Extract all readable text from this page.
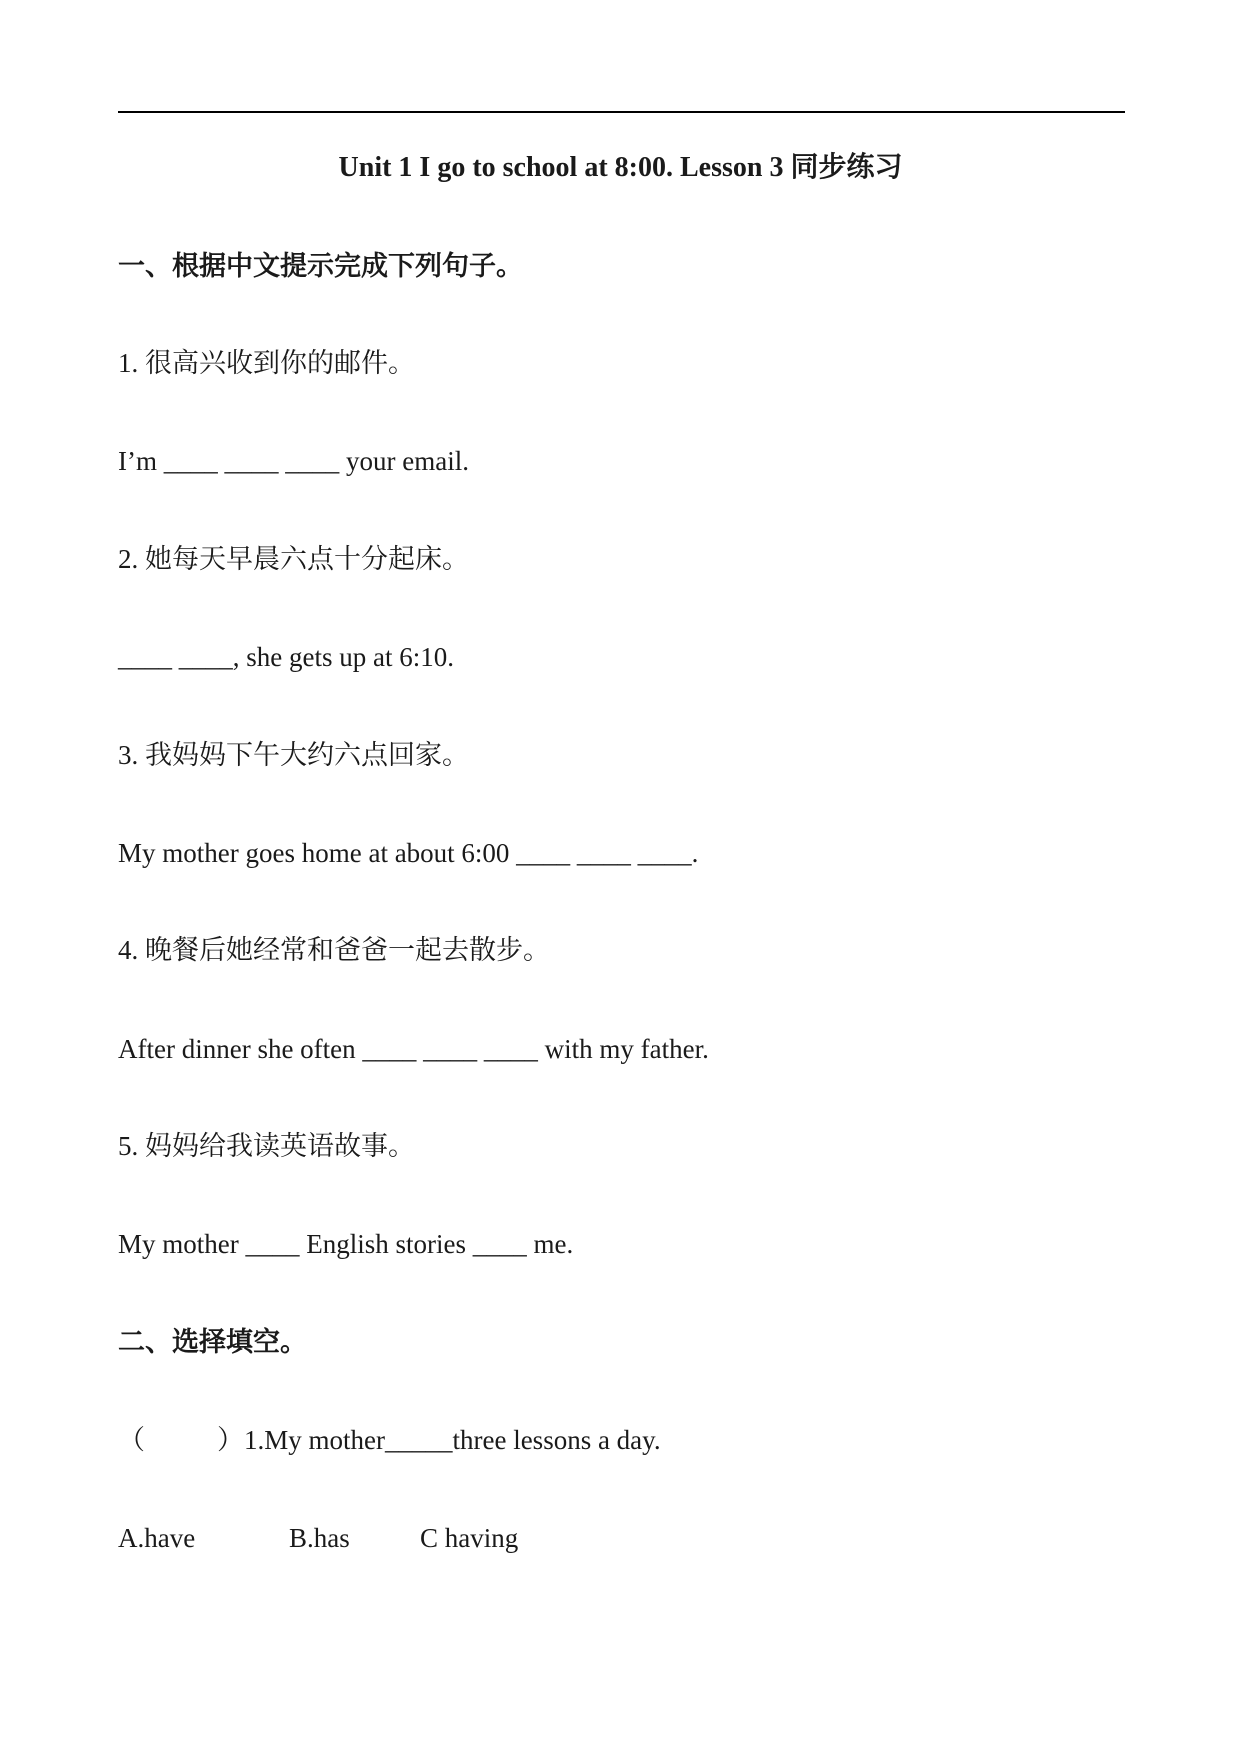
Unit 1 I go to school at 8:00. Lesson 3 同步练习
一、根据中文提示完成下列句子。
1. 很高兴收到你的邮件。
I’m ____ ____ ____ your email.
2. 她每天早晨六点十分起床。
____ ____, she gets up at 6:10.
3. 我妈妈下午大约六点回家。
My mother goes home at about 6:00 ____ ____ ____.
4. 晚餐后她经常和爸爸一起去散步。
After dinner she often ____ ____ ____ with my father.
5. 妈妈给我读英语故事。
My mother ____ English stories ____ me.
二、选择填空。
（	）1.My mother_____three lessons a day.
A.have	B.has	C having
